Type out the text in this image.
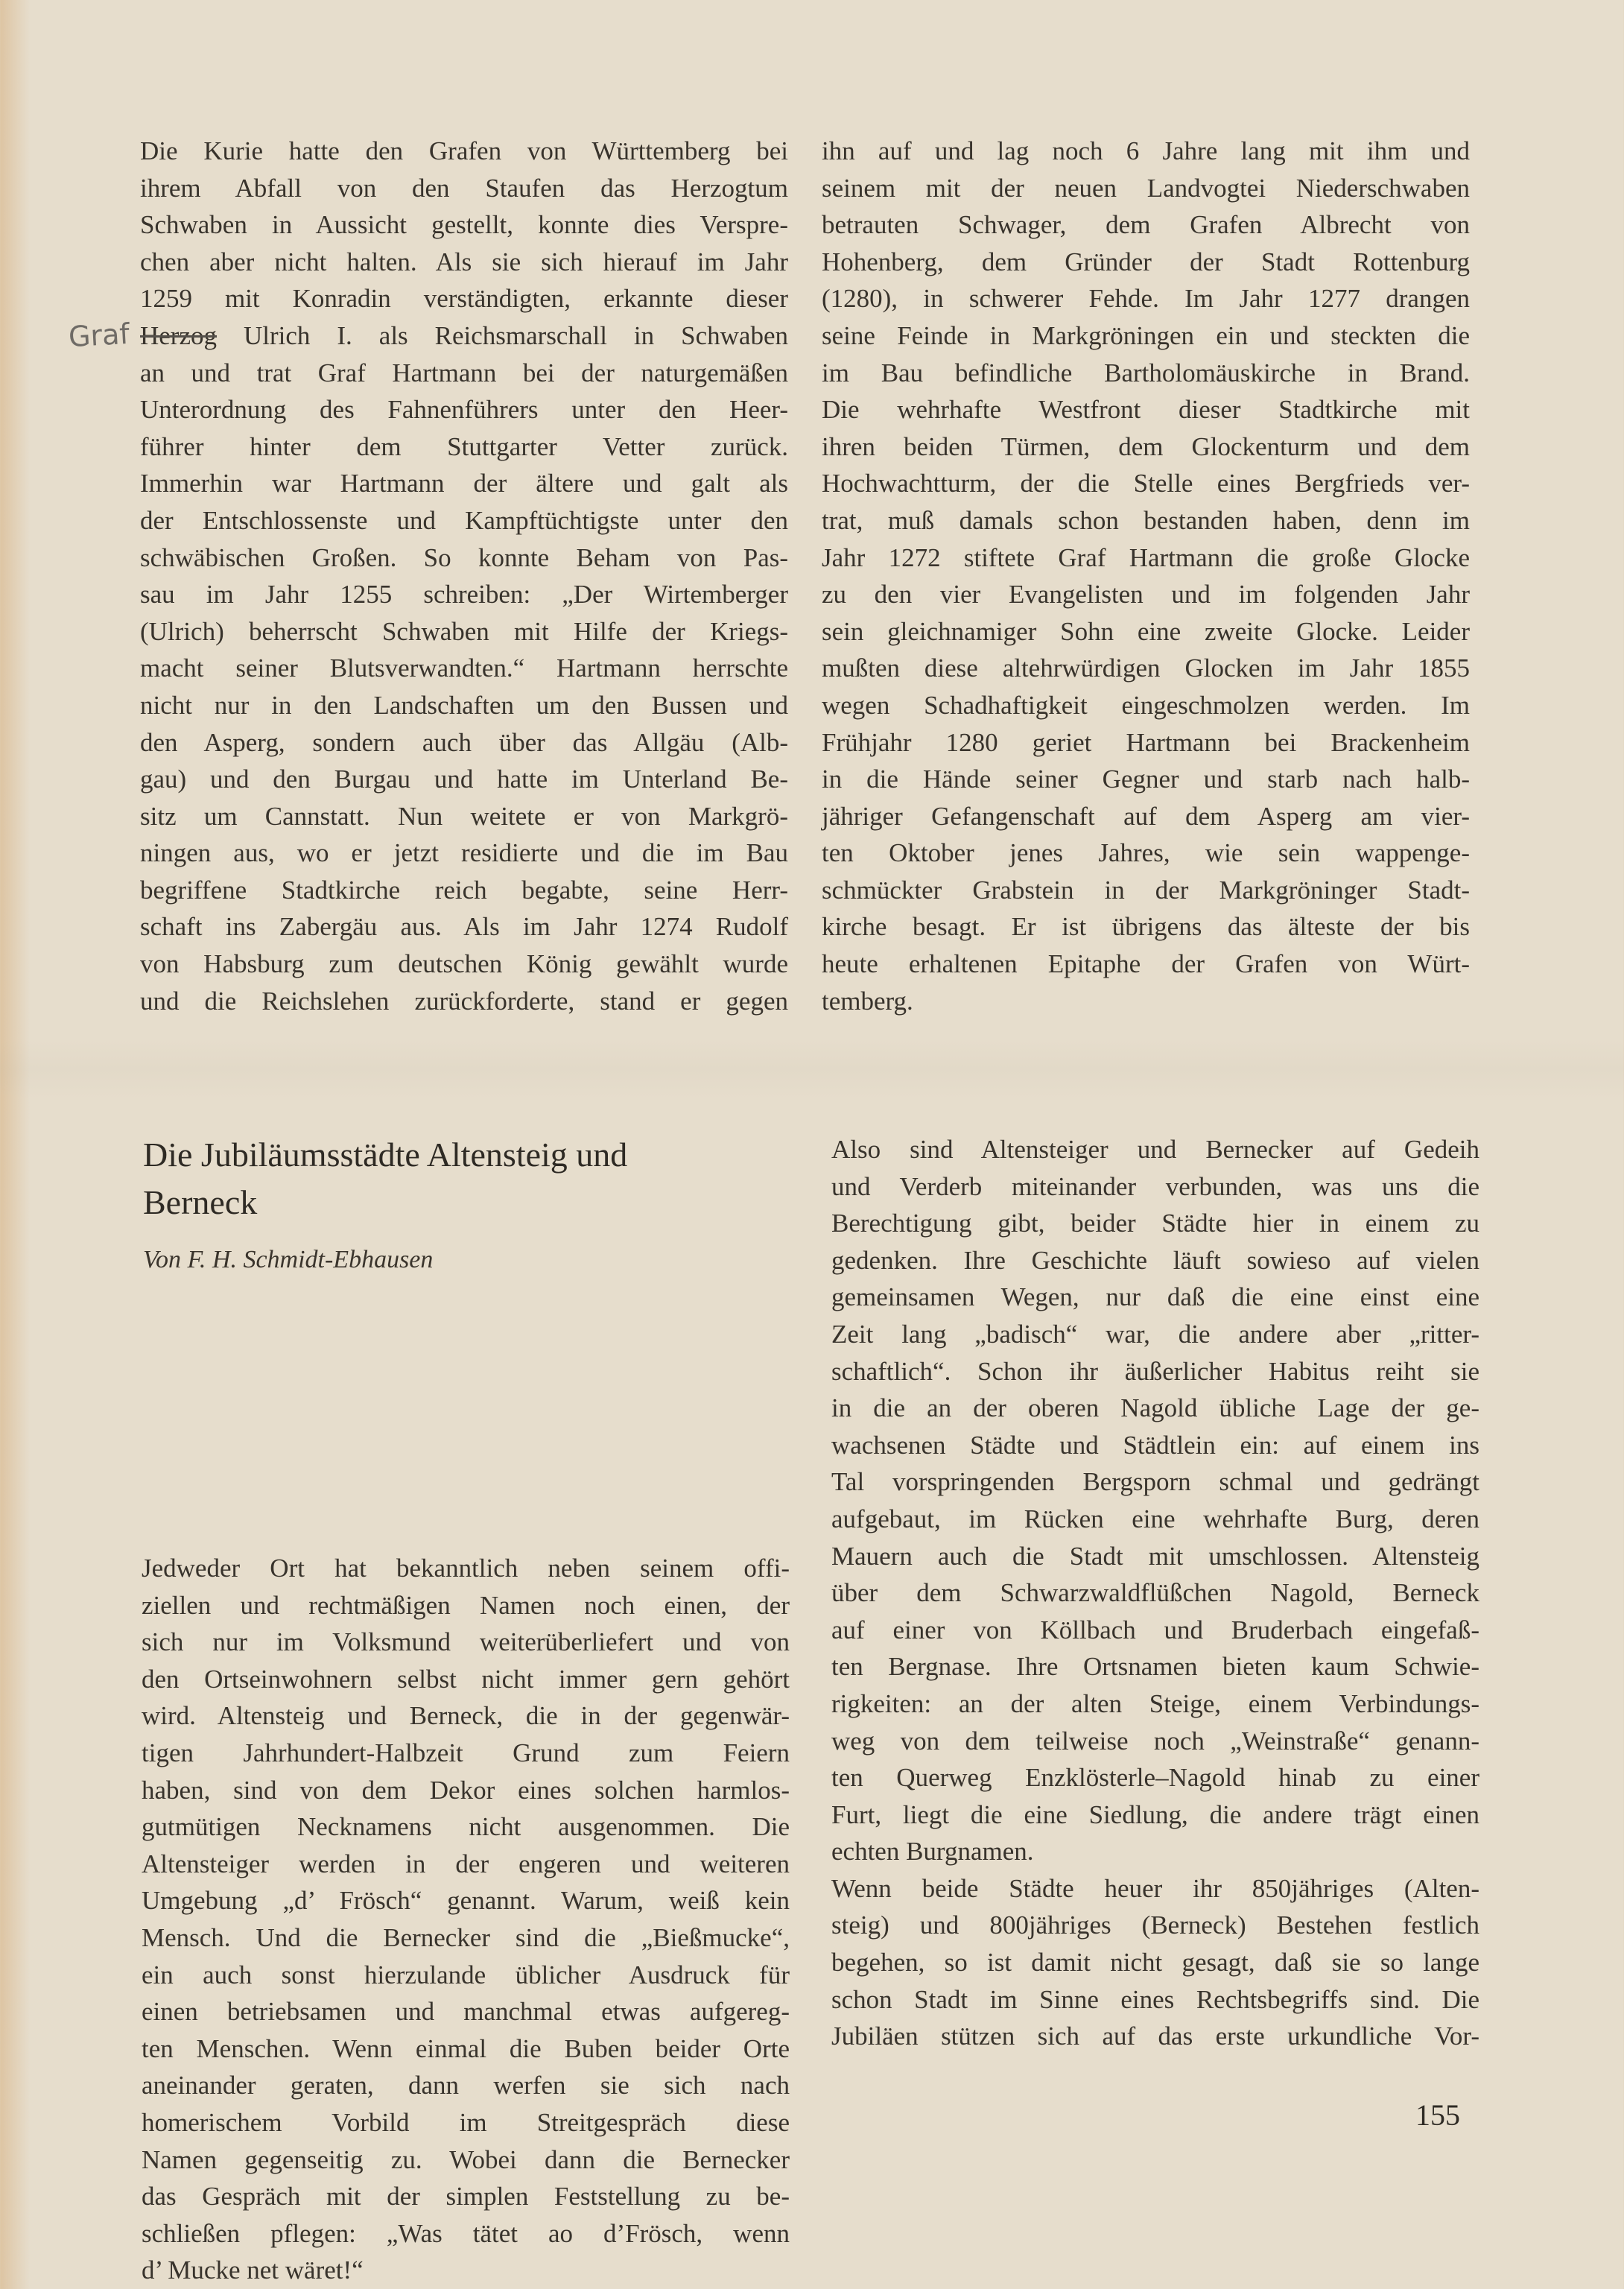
Graf
Die Kurie hatte den Grafen von Württemberg bei
ihrem Abfall von den Staufen das Herzogtum
Schwaben in Aussicht gestellt, konnte dies Verspre-
chen aber nicht halten. Als sie sich hierauf im Jahr
1259 mit Konradin verständigten, erkannte dieser
Herzog Ulrich I. als Reichsmarschall in Schwaben
an und trat Graf Hartmann bei der naturgemäßen
Unterordnung des Fahnenführers unter den Heer-
führer hinter dem Stuttgarter Vetter zurück.
Immerhin war Hartmann der ältere und galt als
der Entschlossenste und Kampftüchtigste unter den
schwäbischen Großen. So konnte Beham von Pas-
sau im Jahr 1255 schreiben: „Der Wirtemberger
(Ulrich) beherrscht Schwaben mit Hilfe der Kriegs-
macht seiner Blutsverwandten.“ Hartmann herrschte
nicht nur in den Landschaften um den Bussen und
den Asperg, sondern auch über das Allgäu (Alb-
gau) und den Burgau und hatte im Unterland Be-
sitz um Cannstatt. Nun weitete er von Markgrö-
ningen aus, wo er jetzt residierte und die im Bau
begriffene Stadtkirche reich begabte, seine Herr-
schaft ins Zabergäu aus. Als im Jahr 1274 Rudolf
von Habsburg zum deutschen König gewählt wurde
und die Reichslehen zurückforderte, stand er gegen
ihn auf und lag noch 6 Jahre lang mit ihm und
seinem mit der neuen Landvogtei Niederschwaben
betrauten Schwager, dem Grafen Albrecht von
Hohenberg, dem Gründer der Stadt Rottenburg
(1280), in schwerer Fehde. Im Jahr 1277 drangen
seine Feinde in Markgröningen ein und steckten die
im Bau befindliche Bartholomäuskirche in Brand.
Die wehrhafte Westfront dieser Stadtkirche mit
ihren beiden Türmen, dem Glockenturm und dem
Hochwachtturm, der die Stelle eines Bergfrieds ver-
trat, muß damals schon bestanden haben, denn im
Jahr 1272 stiftete Graf Hartmann die große Glocke
zu den vier Evangelisten und im folgenden Jahr
sein gleichnamiger Sohn eine zweite Glocke. Leider
mußten diese altehrwürdigen Glocken im Jahr 1855
wegen Schadhaftigkeit eingeschmolzen werden. Im
Frühjahr 1280 geriet Hartmann bei Brackenheim
in die Hände seiner Gegner und starb nach halb-
jähriger Gefangenschaft auf dem Asperg am vier-
ten Oktober jenes Jahres, wie sein wappenge-
schmückter Grabstein in der Markgröninger Stadt-
kirche besagt. Er ist übrigens das älteste der bis
heute erhaltenen Epitaphe der Grafen von Würt-
temberg.
Die Jubiläumsstädte Altensteig und
Berneck
Von F. H. Schmidt-Ebhausen
Jedweder Ort hat bekanntlich neben seinem offi-
ziellen und rechtmäßigen Namen noch einen, der
sich nur im Volksmund weiterüberliefert und von
den Ortseinwohnern selbst nicht immer gern gehört
wird. Altensteig und Berneck, die in der gegenwär-
tigen Jahrhundert-Halbzeit Grund zum Feiern
haben, sind von dem Dekor eines solchen harmlos-
gutmütigen Necknamens nicht ausgenommen. Die
Altensteiger werden in der engeren und weiteren
Umgebung „d’ Frösch“ genannt. Warum, weiß kein
Mensch. Und die Bernecker sind die „Bießmucke“,
ein auch sonst hierzulande üblicher Ausdruck für
einen betriebsamen und manchmal etwas aufgereg-
ten Menschen. Wenn einmal die Buben beider Orte
aneinander geraten, dann werfen sie sich nach
homerischem Vorbild im Streitgespräch diese
Namen gegenseitig zu. Wobei dann die Bernecker
das Gespräch mit der simplen Feststellung zu be-
schließen pflegen: „Was tätet ao d’Frösch, wenn
d’ Mucke net wäret!“
Also sind Altensteiger und Bernecker auf Gedeih
und Verderb miteinander verbunden, was uns die
Berechtigung gibt, beider Städte hier in einem zu
gedenken. Ihre Geschichte läuft sowieso auf vielen
gemeinsamen Wegen, nur daß die eine einst eine
Zeit lang „badisch“ war, die andere aber „ritter-
schaftlich“. Schon ihr äußerlicher Habitus reiht sie
in die an der oberen Nagold übliche Lage der ge-
wachsenen Städte und Städtlein ein: auf einem ins
Tal vorspringenden Bergsporn schmal und gedrängt
aufgebaut, im Rücken eine wehrhafte Burg, deren
Mauern auch die Stadt mit umschlossen. Altensteig
über dem Schwarzwaldflüßchen Nagold, Berneck
auf einer von Köllbach und Bruderbach eingefaß-
ten Bergnase. Ihre Ortsnamen bieten kaum Schwie-
rigkeiten: an der alten Steige, einem Verbindungs-
weg von dem teilweise noch „Weinstraße“ genann-
ten Querweg Enzklösterle–Nagold hinab zu einer
Furt, liegt die eine Siedlung, die andere trägt einen
echten Burgnamen.
Wenn beide Städte heuer ihr 850jähriges (Alten-
steig) und 800jähriges (Berneck) Bestehen festlich
begehen, so ist damit nicht gesagt, daß sie so lange
schon Stadt im Sinne eines Rechtsbegriffs sind. Die
Jubiläen stützen sich auf das erste urkundliche Vor-
155
